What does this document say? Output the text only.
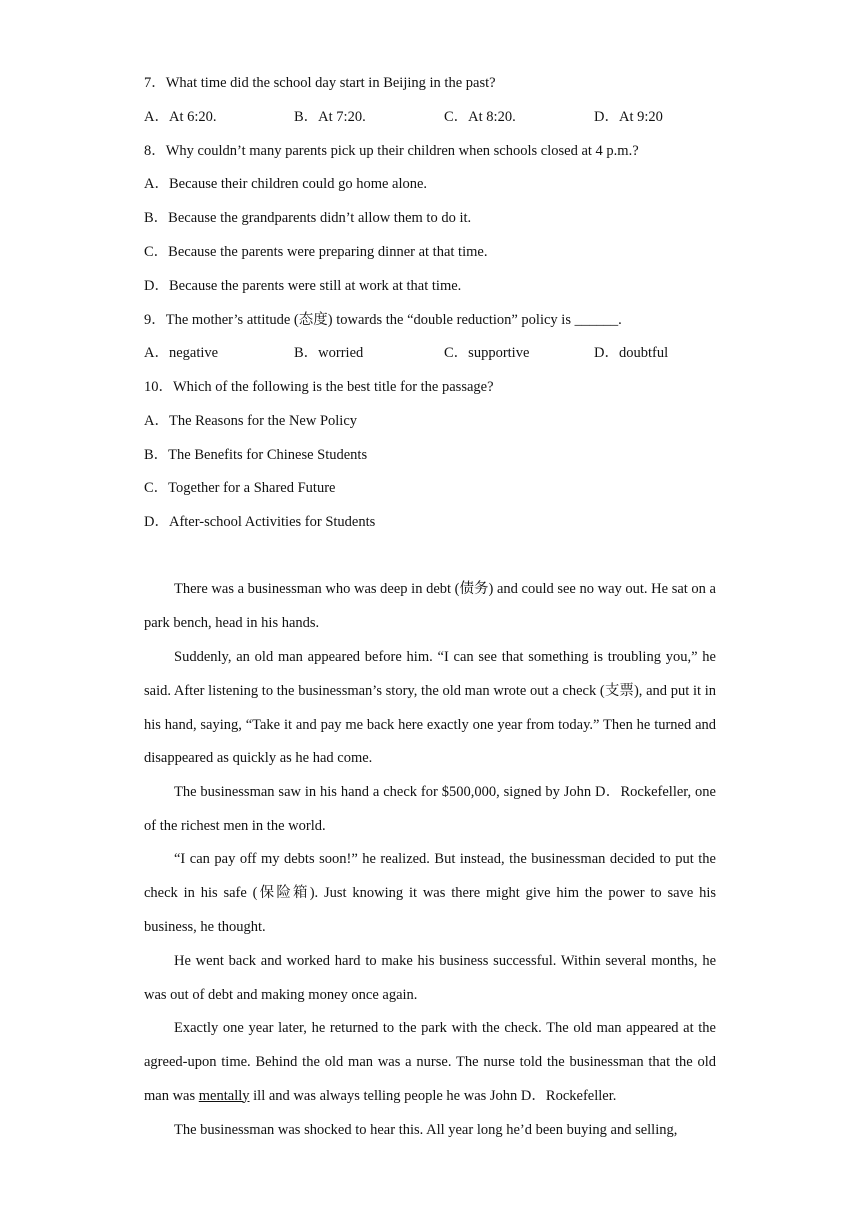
7．What time did the school day start in Beijing in the past?
A．At 6:20.	B．At 7:20.	C．At 8:20.	D．At 9:20
8．Why couldn’t many parents pick up their children when schools closed at 4 p.m.?
A．Because their children could go home alone.
B．Because the grandparents didn’t allow them to do it.
C．Because the parents were preparing dinner at that time.
D．Because the parents were still at work at that time.
9．The mother’s attitude (态度) towards the “double reduction” policy is ______.
A．negative	B．worried	C．supportive	D．doubtful
10．Which of the following is the best title for the passage?
A．The Reasons for the New Policy
B．The Benefits for Chinese Students
C．Together for a Shared Future
D．After-school Activities for Students

There was a businessman who was deep in debt (债务) and could see no way out. He sat on a park bench, head in his hands.

Suddenly, an old man appeared before him. “I can see that something is troubling you,” he said. After listening to the businessman’s story, the old man wrote out a check (支票), and put it in his hand, saying, “Take it and pay me back here exactly one year from today.” Then he turned and disappeared as quickly as he had come.

The businessman saw in his hand a check for $500,000, signed by John D．Rockefeller, one of the richest men in the world.

“I can pay off my debts soon!” he realized. But instead, the businessman decided to put the check in his safe (保险箱). Just knowing it was there might give him the power to save his business, he thought.

He went back and worked hard to make his business successful. Within several months, he was out of debt and making money once again.

Exactly one year later, he returned to the park with the check. The old man appeared at the agreed-upon time. Behind the old man was a nurse. The nurse told the businessman that the old man was mentally ill and was always telling people he was John D．Rockefeller.

The businessman was shocked to hear this. All year long he’d been buying and selling,
